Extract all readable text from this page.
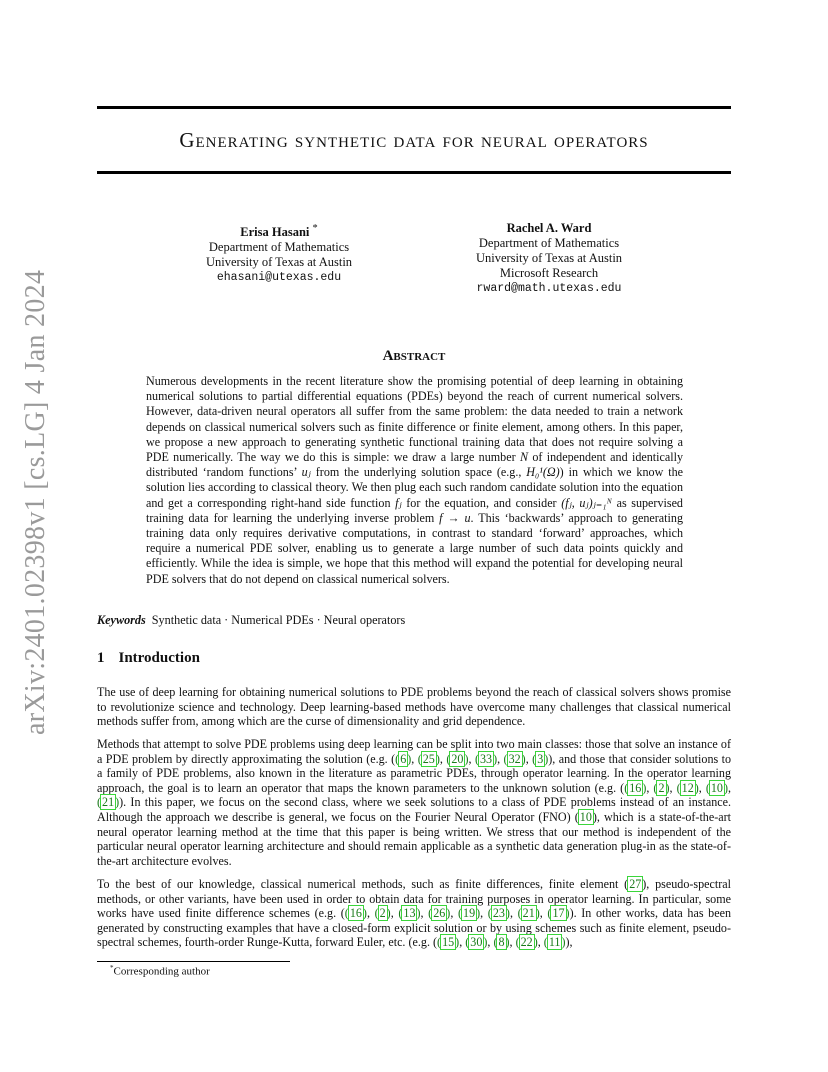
arXiv:2401.02398v1 [cs.LG] 4 Jan 2024
Generating synthetic data for neural operators
Erisa Hasani *
Department of Mathematics
University of Texas at Austin
ehasani@utexas.edu
Rachel A. Ward
Department of Mathematics
University of Texas at Austin
Microsoft Research
rward@math.utexas.edu
Abstract
Numerous developments in the recent literature show the promising potential of deep learning in obtaining numerical solutions to partial differential equations (PDEs) beyond the reach of current numerical solvers. However, data-driven neural operators all suffer from the same problem: the data needed to train a network depends on classical numerical solvers such as finite difference or finite element, among others. In this paper, we propose a new approach to generating synthetic functional training data that does not require solving a PDE numerically. The way we do this is simple: we draw a large number N of independent and identically distributed ‘random functions’ uⱼ from the underlying solution space (e.g., H₀¹(Ω)) in which we know the solution lies according to classical theory. We then plug each such random candidate solution into the equation and get a corresponding right-hand side function fⱼ for the equation, and consider (fⱼ, uⱼ)ⱼ₌₁ᴺ as supervised training data for learning the underlying inverse problem f → u. This ‘backwards’ approach to generating training data only requires derivative computations, in contrast to standard ‘forward’ approaches, which require a numerical PDE solver, enabling us to generate a large number of such data points quickly and efficiently. While the idea is simple, we hope that this method will expand the potential for developing neural PDE solvers that do not depend on classical numerical solvers.
Keywords Synthetic data · Numerical PDEs · Neural operators
1 Introduction
The use of deep learning for obtaining numerical solutions to PDE problems beyond the reach of classical solvers shows promise to revolutionize science and technology. Deep learning-based methods have overcome many challenges that classical numerical methods suffer from, among which are the curse of dimensionality and grid dependence.
Methods that attempt to solve PDE problems using deep learning can be split into two main classes: those that solve an instance of a PDE problem by directly approximating the solution (e.g. ((6), (25), (20), (33), (32), (3)), and those that consider solutions to a family of PDE problems, also known in the literature as parametric PDEs, through operator learning. In the operator learning approach, the goal is to learn an operator that maps the known parameters to the unknown solution (e.g. ((16), (2), (12), (10), (21)). In this paper, we focus on the second class, where we seek solutions to a class of PDE problems instead of an instance. Although the approach we describe is general, we focus on the Fourier Neural Operator (FNO) (10), which is a state-of-the-art neural operator learning method at the time that this paper is being written. We stress that our method is independent of the particular neural operator learning architecture and should remain applicable as a synthetic data generation plug-in as the state-of-the-art architecture evolves.
To the best of our knowledge, classical numerical methods, such as finite differences, finite element (27), pseudo-spectral methods, or other variants, have been used in order to obtain data for training purposes in operator learning. In particular, some works have used finite difference schemes (e.g. ((16), (2), (13), (26), (19), (23), (21), (17)). In other works, data has been generated by constructing examples that have a closed-form explicit solution or by using schemes such as finite element, pseudo-spectral schemes, fourth-order Runge-Kutta, forward Euler, etc. (e.g. ((15), (30), (8), (22), (11)),
*Corresponding author
